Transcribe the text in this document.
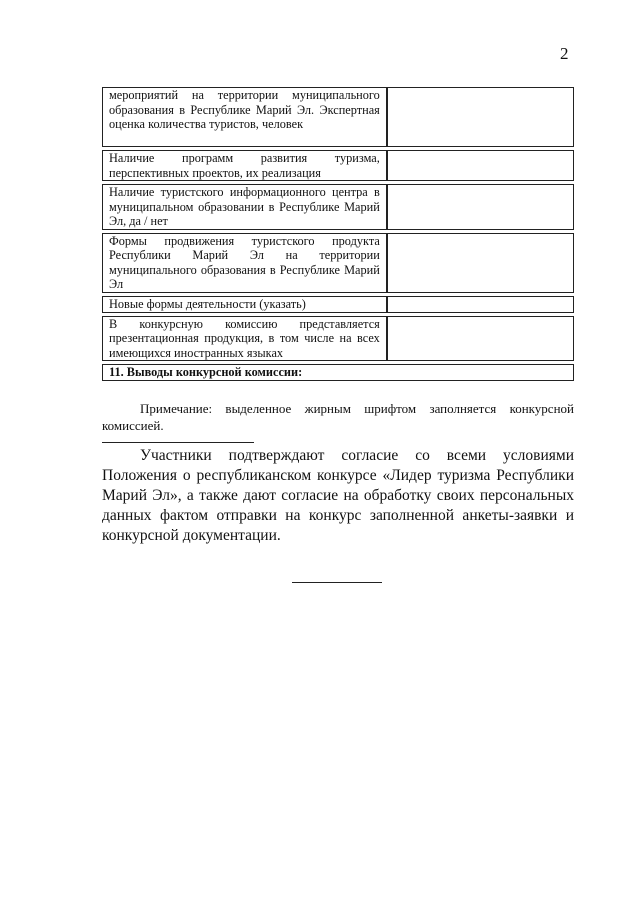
2
мероприятий на территории муниципального образования в Республике Марий Эл. Экспертная оценка количества туристов, человек	
Наличие программ развития туризма, перспективных проектов, их реализация	
Наличие туристского информационного центра в муниципальном образовании в Республике Марий Эл, да / нет	
Формы продвижения туристского продукта Республики Марий Эл на территории муниципального образования в Республике Марий Эл	
Новые формы деятельности (указать)	
В конкурсную комиссию представляется презентационная продукция, в том числе на всех имеющихся иностранных языках	
11. Выводы конкурсной комиссии:	
Примечание: выделенное жирным шрифтом заполняется конкурсной комиссией.
Участники подтверждают согласие со всеми условиями Положения о республиканском конкурсе «Лидер туризма Республики Марий Эл», а также дают согласие на обработку своих персональных данных фактом отправки на конкурс заполненной анкеты-заявки и конкурсной документации.
